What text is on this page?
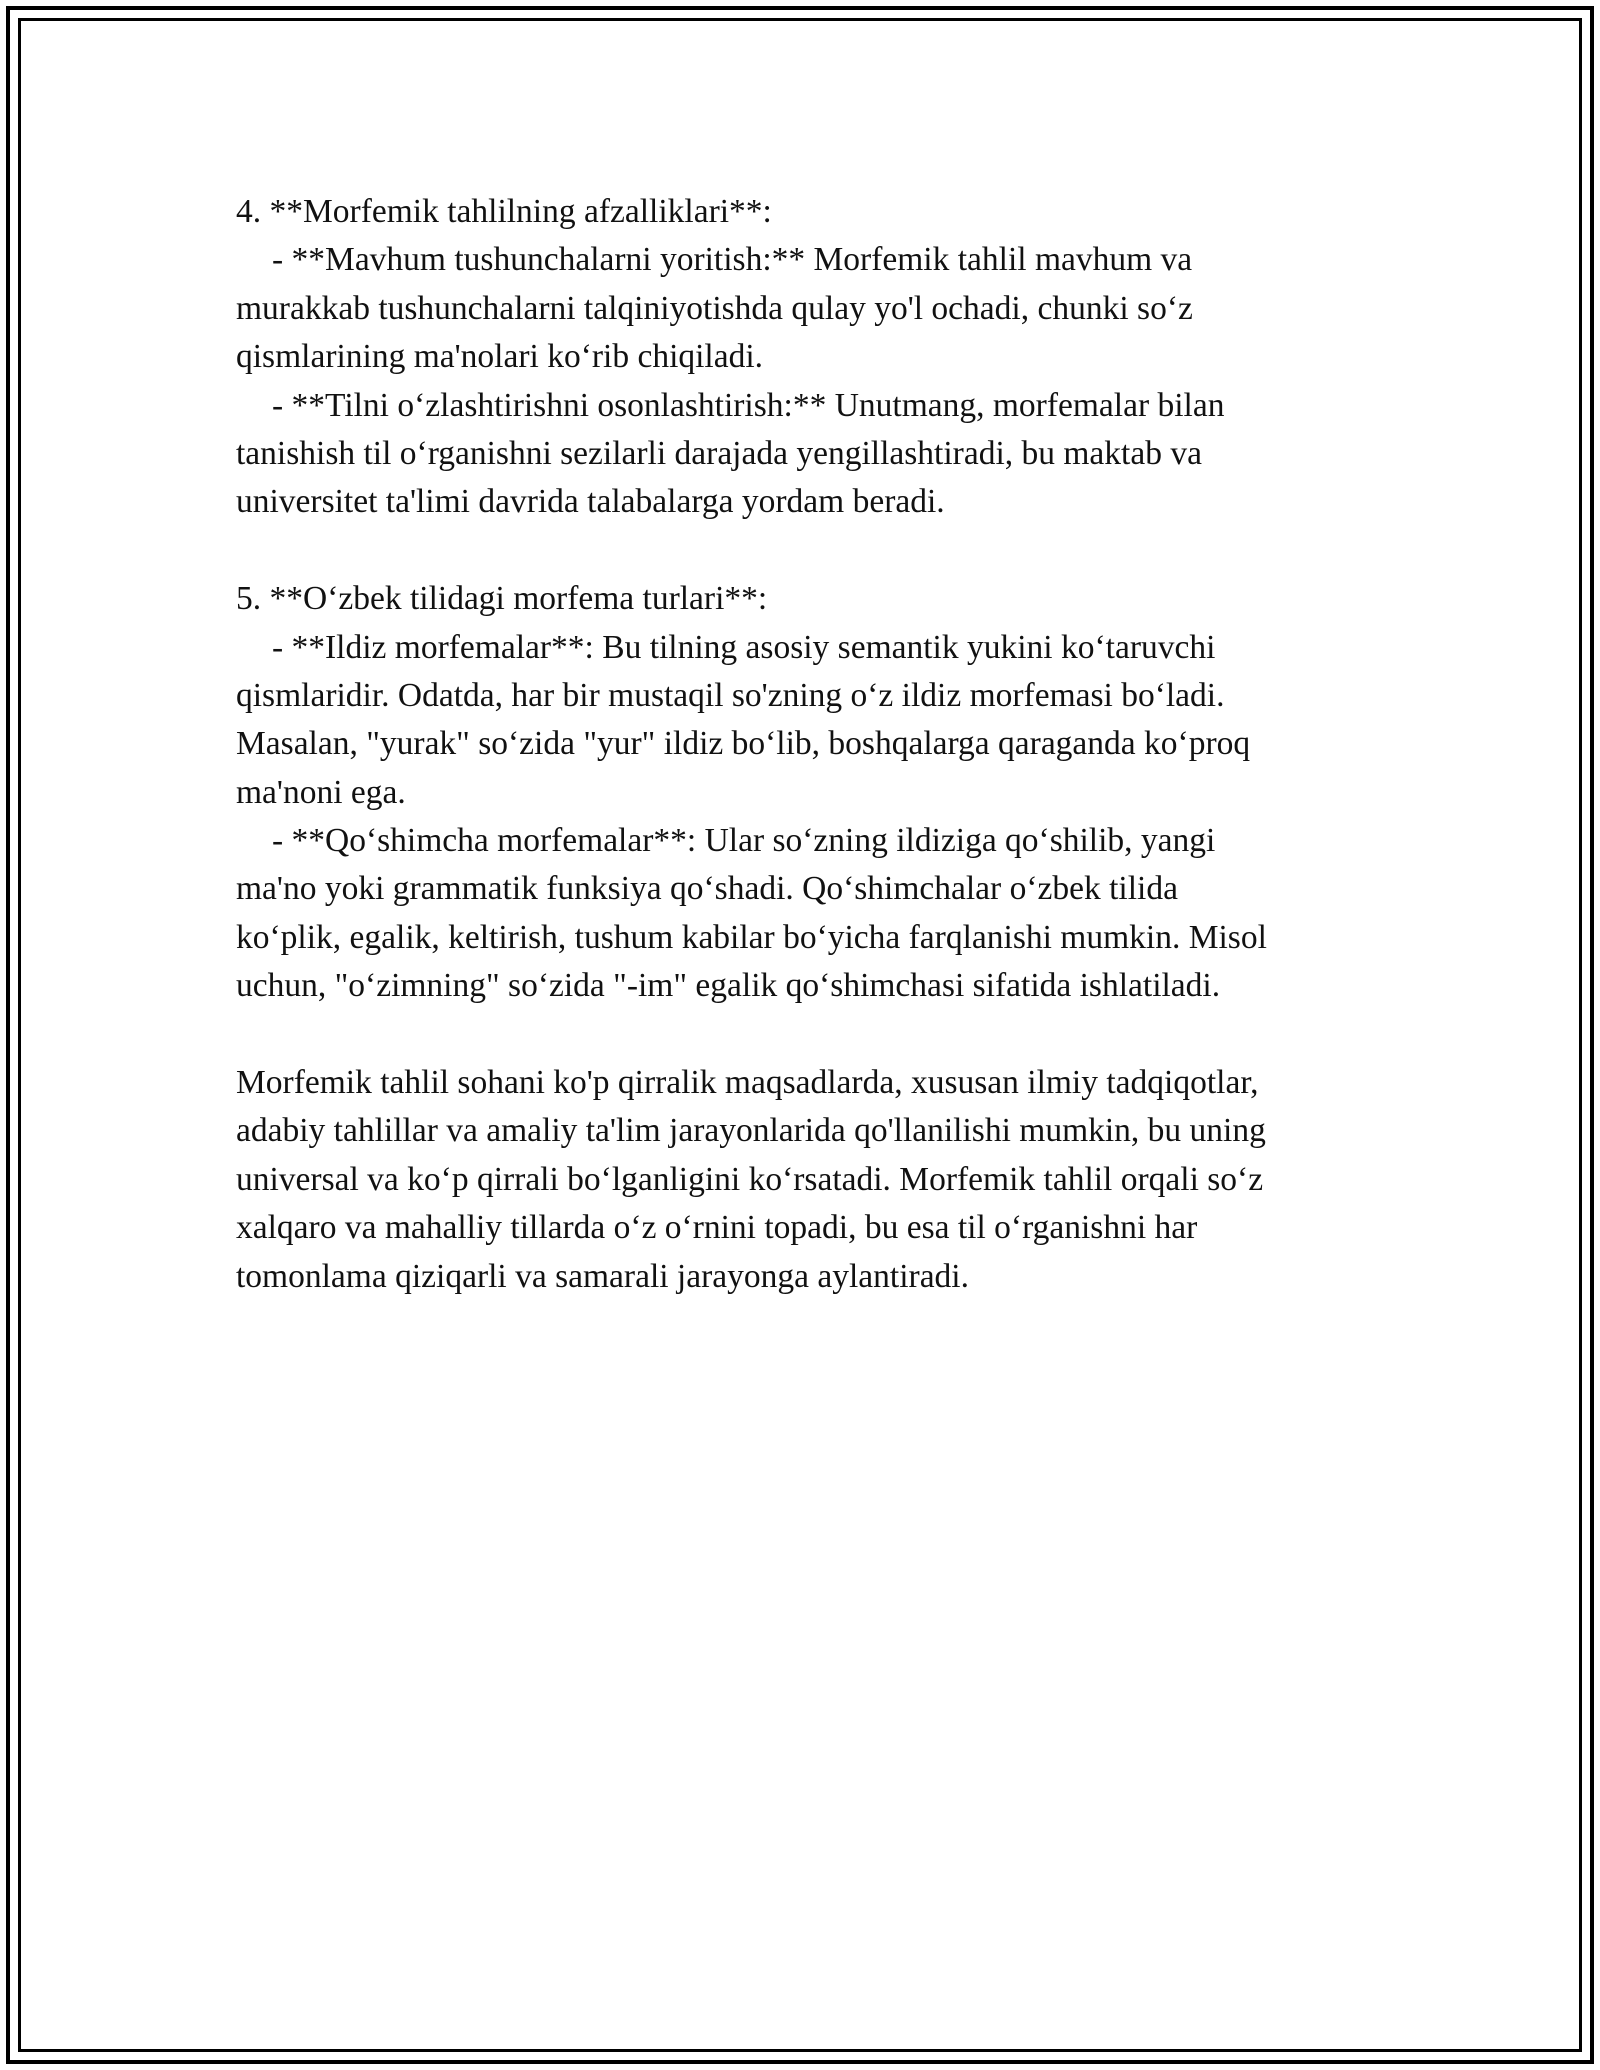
4. **Morfemik tahlilning afzalliklari**:
- **Mavhum tushunchalarni yoritish:** Morfemik tahlil mavhum va
murakkab tushunchalarni talqiniyotishda qulay yo'l ochadi, chunki so‘z
qismlarining ma'nolari ko‘rib chiqiladi.
- **Tilni o‘zlashtirishni osonlashtirish:** Unutmang, morfemalar bilan
tanishish til o‘rganishni sezilarli darajada yengillashtiradi, bu maktab va
universitet ta'limi davrida talabalarga yordam beradi.
5. **O‘zbek tilidagi morfema turlari**:
- **Ildiz morfemalar**: Bu tilning asosiy semantik yukini ko‘taruvchi
qismlaridir. Odatda, har bir mustaqil so'zning o‘z ildiz morfemasi bo‘ladi.
Masalan, "yurak" so‘zida "yur" ildiz bo‘lib, boshqalarga qaraganda ko‘proq
ma'noni ega.
- **Qo‘shimcha morfemalar**: Ular so‘zning ildiziga qo‘shilib, yangi
ma'no yoki grammatik funksiya qo‘shadi. Qo‘shimchalar o‘zbek tilida
ko‘plik, egalik, keltirish, tushum kabilar bo‘yicha farqlanishi mumkin. Misol
uchun, "o‘zimning" so‘zida "-im" egalik qo‘shimchasi sifatida ishlatiladi.
Morfemik tahlil sohani ko'p qirralik maqsadlarda, xususan ilmiy tadqiqotlar,
adabiy tahlillar va amaliy ta'lim jarayonlarida qo'llanilishi mumkin, bu uning
universal va ko‘p qirrali bo‘lganligini ko‘rsatadi. Morfemik tahlil orqali so‘z
xalqaro va mahalliy tillarda o‘z o‘rnini topadi, bu esa til o‘rganishni har
tomonlama qiziqarli va samarali jarayonga aylantiradi.
